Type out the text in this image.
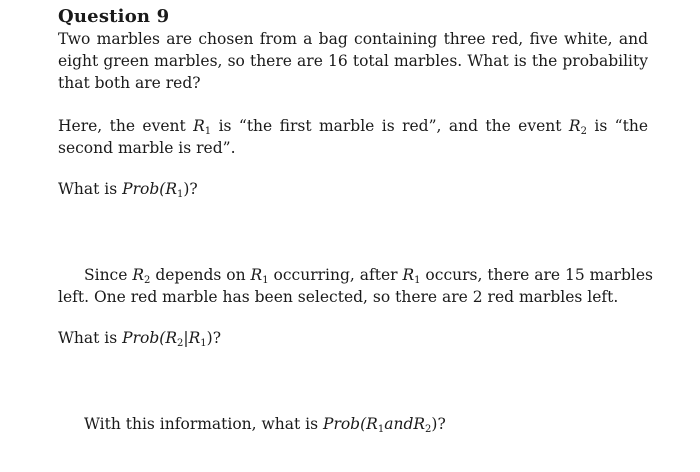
Question 9
Two marbles are chosen from a bag containing three red, five white, and
eight green marbles, so there are 16 total marbles. What is the probability
that both are red?
Here, the event $R_1$ is “the first marble is red”, and the event $R_2$ is “the
second marble is red”.
What is $Prob(R_1)$?
Since $R_2$ depends on $R_1$ occurring, after $R_1$ occurs, there are 15 marbles
left. One red marble has been selected, so there are 2 red marbles left.
What is $Prob(R_2|R_1)$?
With this information, what is $Prob(R_1andR_2)$?
